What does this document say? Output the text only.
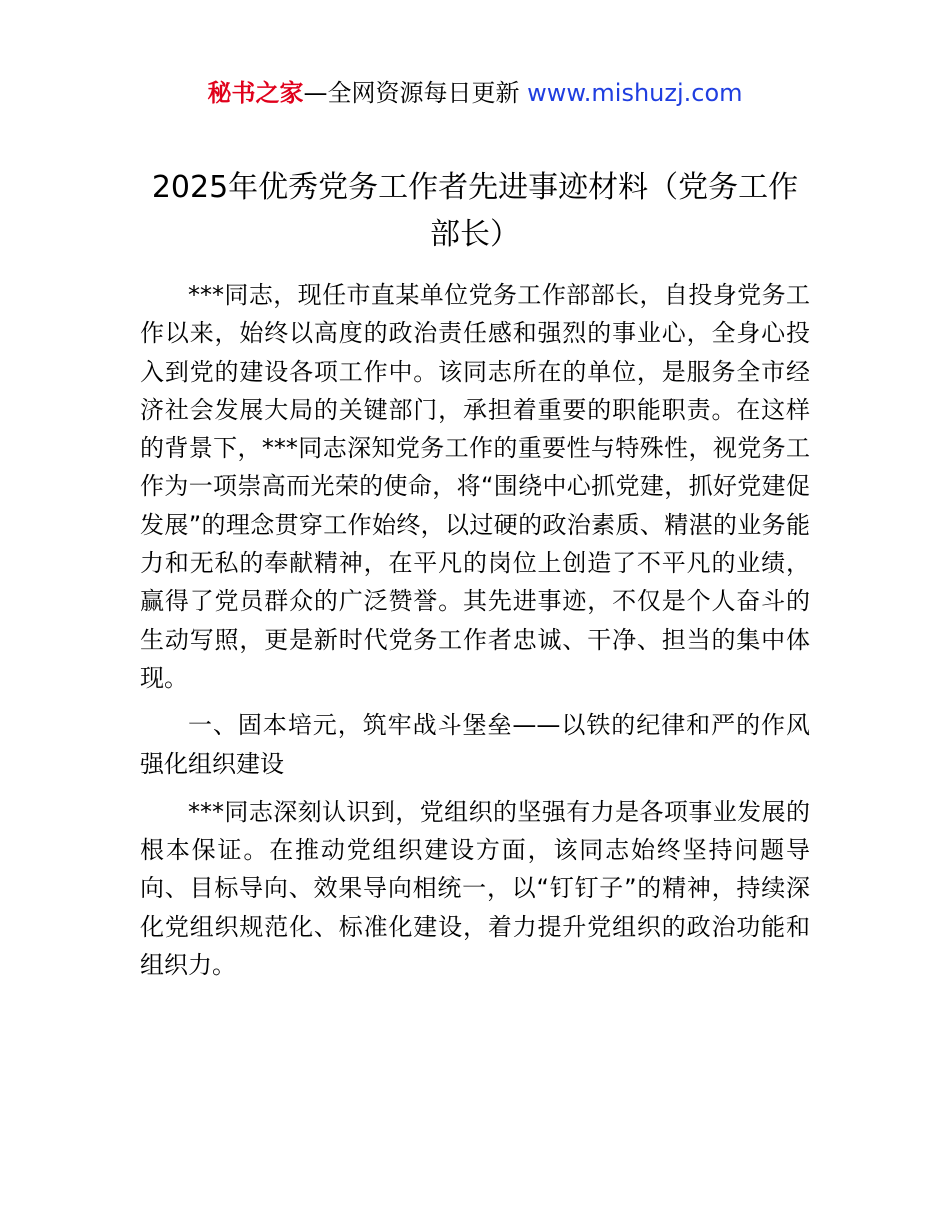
秘书之家—全网资源每日更新 www.mishuzj.com
2025年优秀党务工作者先进事迹材料（党务工作部长）

***同志，现任市直某单位党务工作部部长，自投身党务工作以来，始终以高度的政治责任感和强烈的事业心，全身心投入到党的建设各项工作中。该同志所在的单位，是服务全市经济社会发展大局的关键部门，承担着重要的职能职责。在这样的背景下，***同志深知党务工作的重要性与特殊性，视党务工作为一项崇高而光荣的使命，将“围绕中心抓党建，抓好党建促发展”的理念贯穿工作始终，以过硬的政治素质、精湛的业务能力和无私的奉献精神，在平凡的岗位上创造了不平凡的业绩，赢得了党员群众的广泛赞誉。其先进事迹，不仅是个人奋斗的生动写照，更是新时代党务工作者忠诚、干净、担当的集中体现。

一、固本培元，筑牢战斗堡垒——以铁的纪律和严的作风强化组织建设

***同志深刻认识到，党组织的坚强有力是各项事业发展的根本保证。在推动党组织建设方面，该同志始终坚持问题导向、目标导向、效果导向相统一，以“钉钉子”的精神，持续深化党组织规范化、标准化建设，着力提升党组织的政治功能和组织力。
